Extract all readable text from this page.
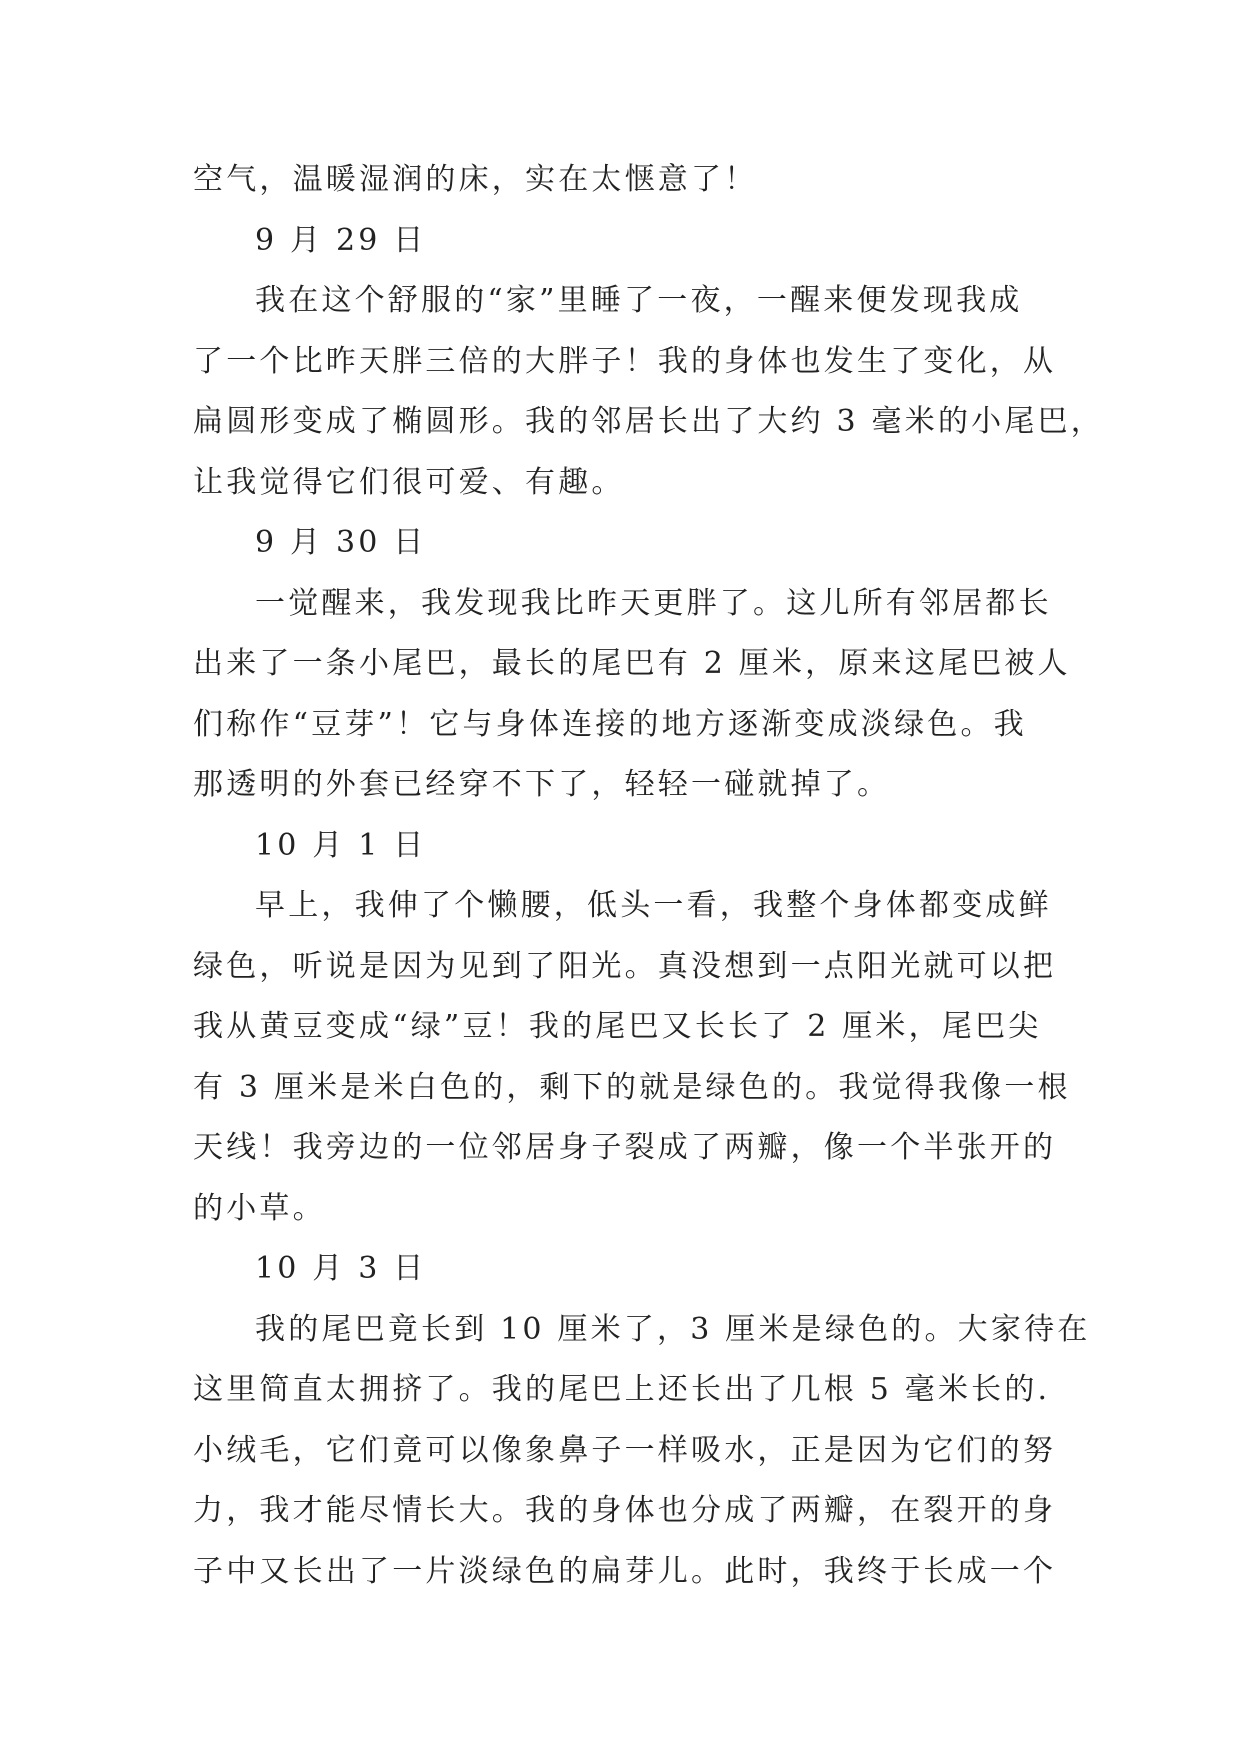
空气，温暖湿润的床，实在太惬意了！
9 月 29 日
我在这个舒服的“家”里睡了一夜，一醒来便发现我成
了一个比昨天胖三倍的大胖子！我的身体也发生了变化，从
扁圆形变成了椭圆形。我的邻居长出了大约 3 毫米的小尾巴，
让我觉得它们很可爱、有趣。
9 月 30 日
一觉醒来，我发现我比昨天更胖了。这儿所有邻居都长
出来了一条小尾巴，最长的尾巴有 2 厘米，原来这尾巴被人
们称作“豆芽”！它与身体连接的地方逐渐变成淡绿色。我
那透明的外套已经穿不下了，轻轻一碰就掉了。
10 月 1 日
早上，我伸了个懒腰，低头一看，我整个身体都变成鲜
绿色，听说是因为见到了阳光。真没想到一点阳光就可以把
我从黄豆变成“绿”豆！我的尾巴又长长了 2 厘米，尾巴尖
有 3 厘米是米白色的，剩下的就是绿色的。我觉得我像一根
天线！我旁边的一位邻居身子裂成了两瓣，像一个半张开的
的小草。
10 月 3 日
我的尾巴竟长到 10 厘米了，3 厘米是绿色的。大家待在
这里简直太拥挤了。我的尾巴上还长出了几根 5 毫米长的.
小绒毛，它们竟可以像象鼻子一样吸水，正是因为它们的努
力，我才能尽情长大。我的身体也分成了两瓣，在裂开的身
子中又长出了一片淡绿色的扁芽儿。此时，我终于长成一个
